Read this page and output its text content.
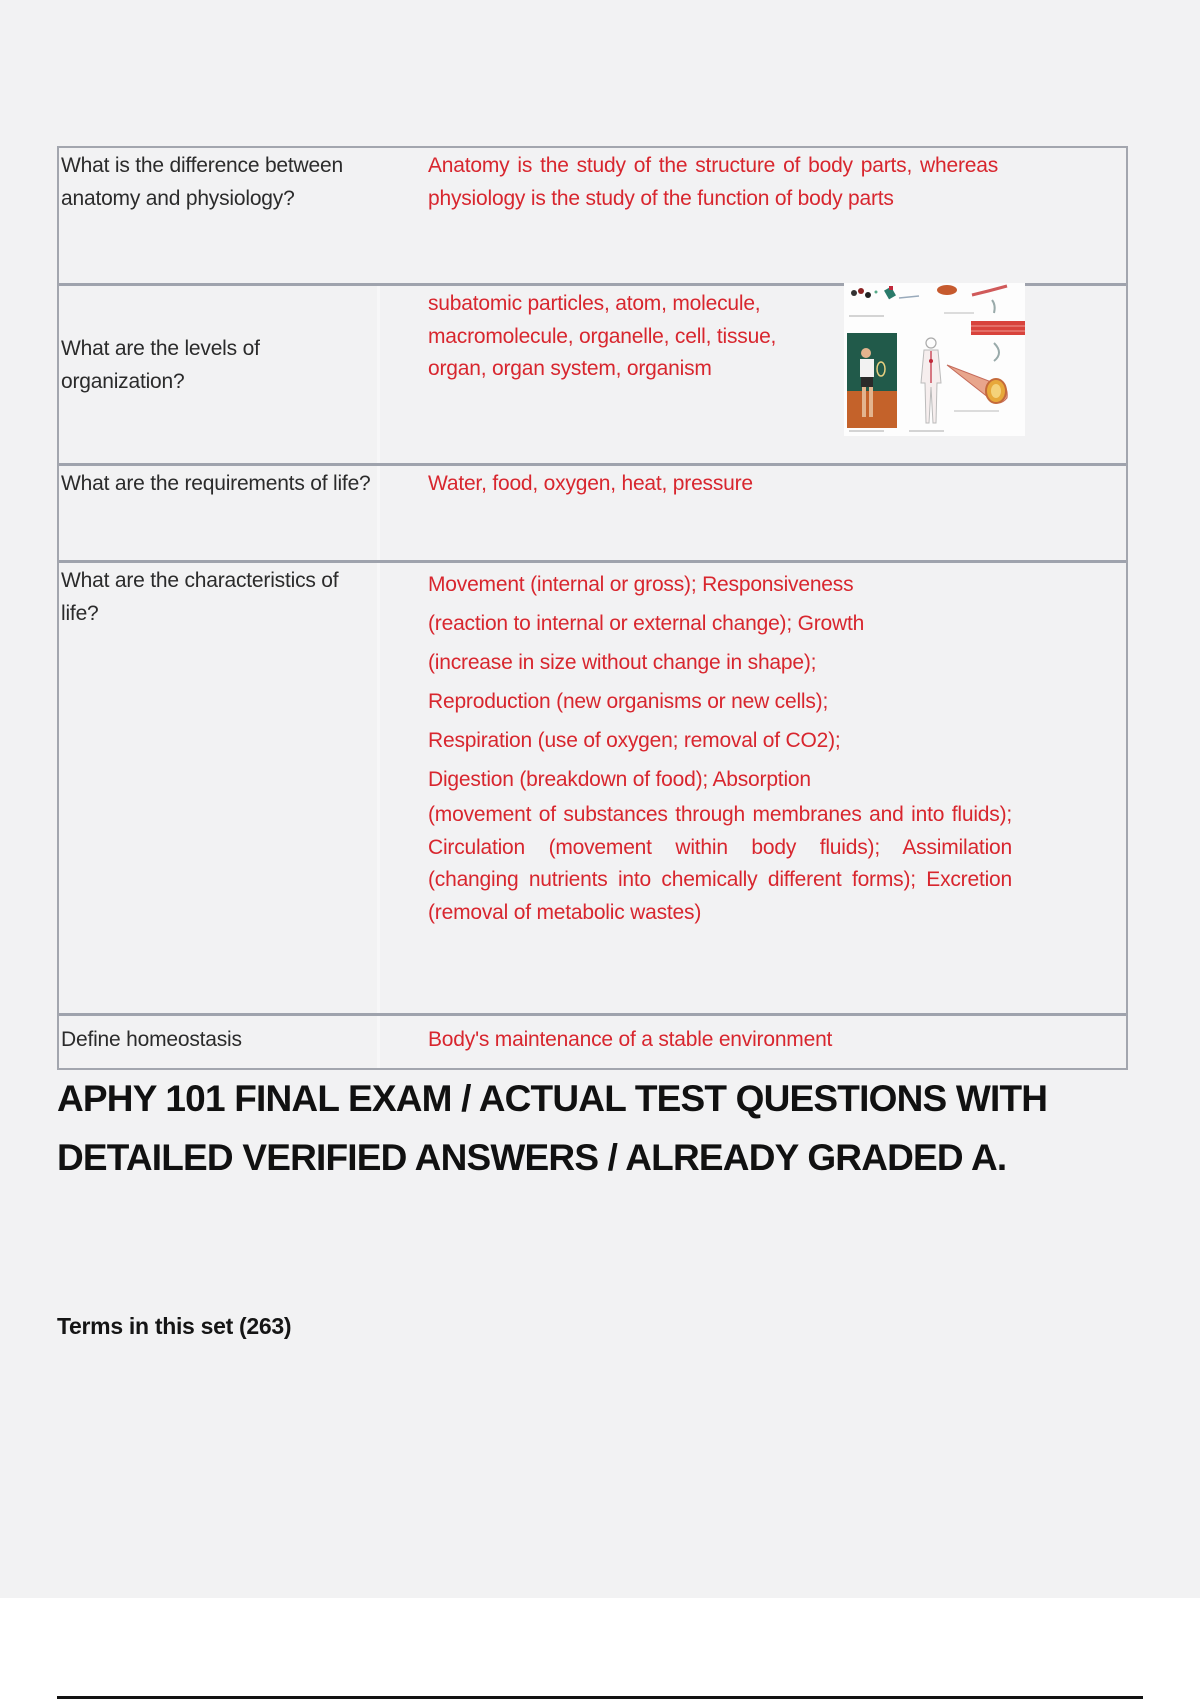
What is the difference between anatomy and physiology?
Anatomy is the study of the structure of body parts, whereas physiology is the study of the function of body parts
What are the levels of organization?
subatomic particles, atom, molecule, macromolecule, organelle, cell, tissue, organ, organ system, organism
What are the requirements of life?	Water, food, oxygen, heat, pressure
What are the characteristics of life?
Movement (internal or gross); Responsiveness
(reaction to internal or external change); Growth
(increase in size without change in shape);
Reproduction (new organisms or new cells);
Respiration (use of oxygen; removal of CO2);
Digestion (breakdown of food); Absorption
(movement of substances through membranes and into fluids); Circulation (movement within body fluids); Assimilation (changing nutrients into chemically different forms); Excretion (removal of metabolic wastes)
Define homeostasis	Body's maintenance of a stable environment
APHY 101 FINAL EXAM / ACTUAL TEST QUESTIONS WITH DETAILED VERIFIED ANSWERS / ALREADY GRADED A.
Terms in this set (263)
